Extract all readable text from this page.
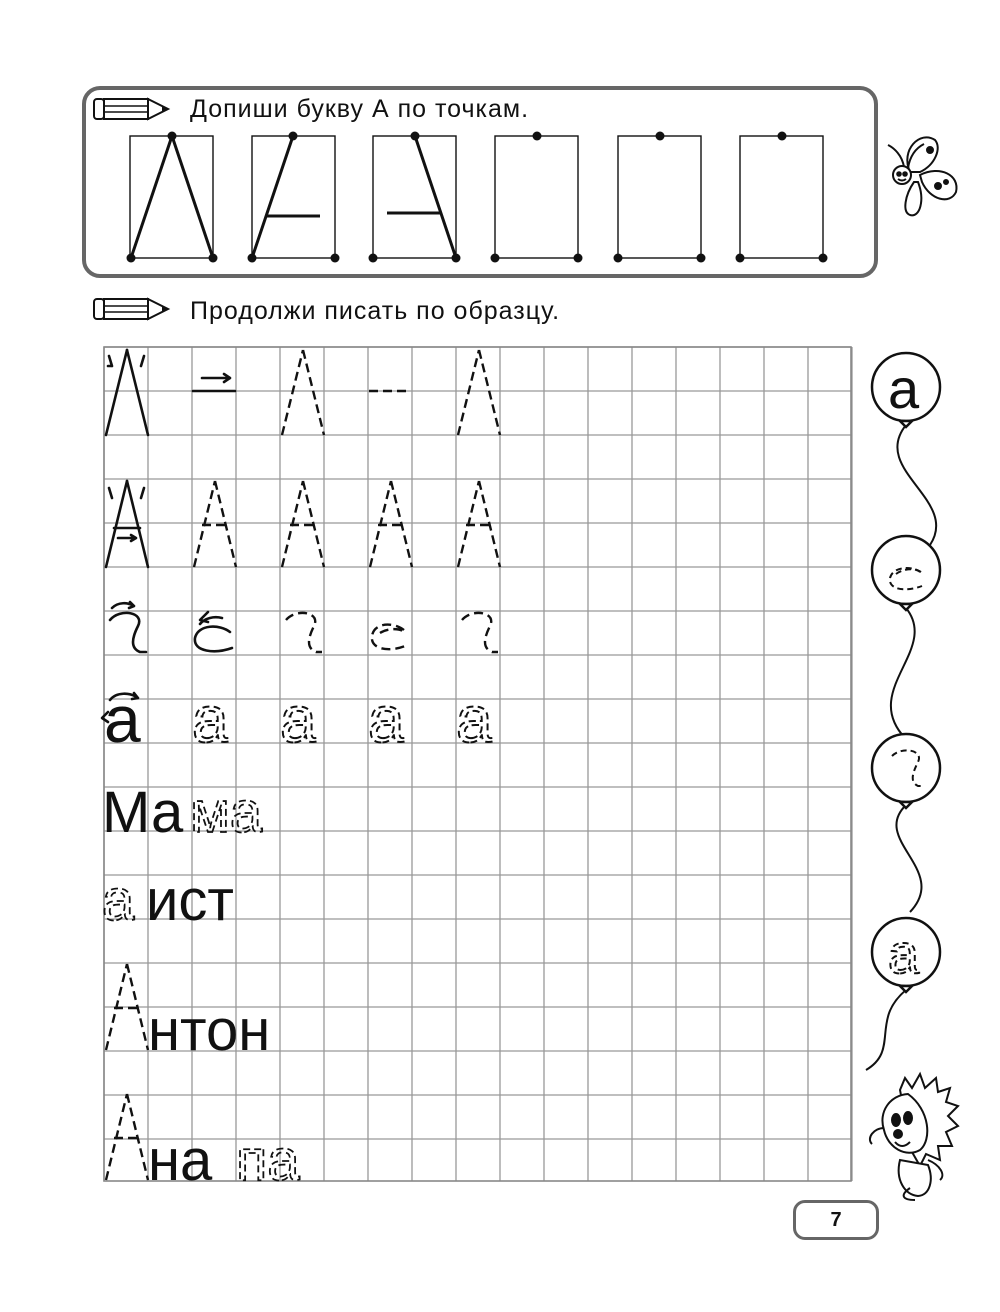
Допиши букву А по точкам.
Продолжи писать по образцу.
a a a a a
Ма ма
а ист
нтон
на па
a
a
7
